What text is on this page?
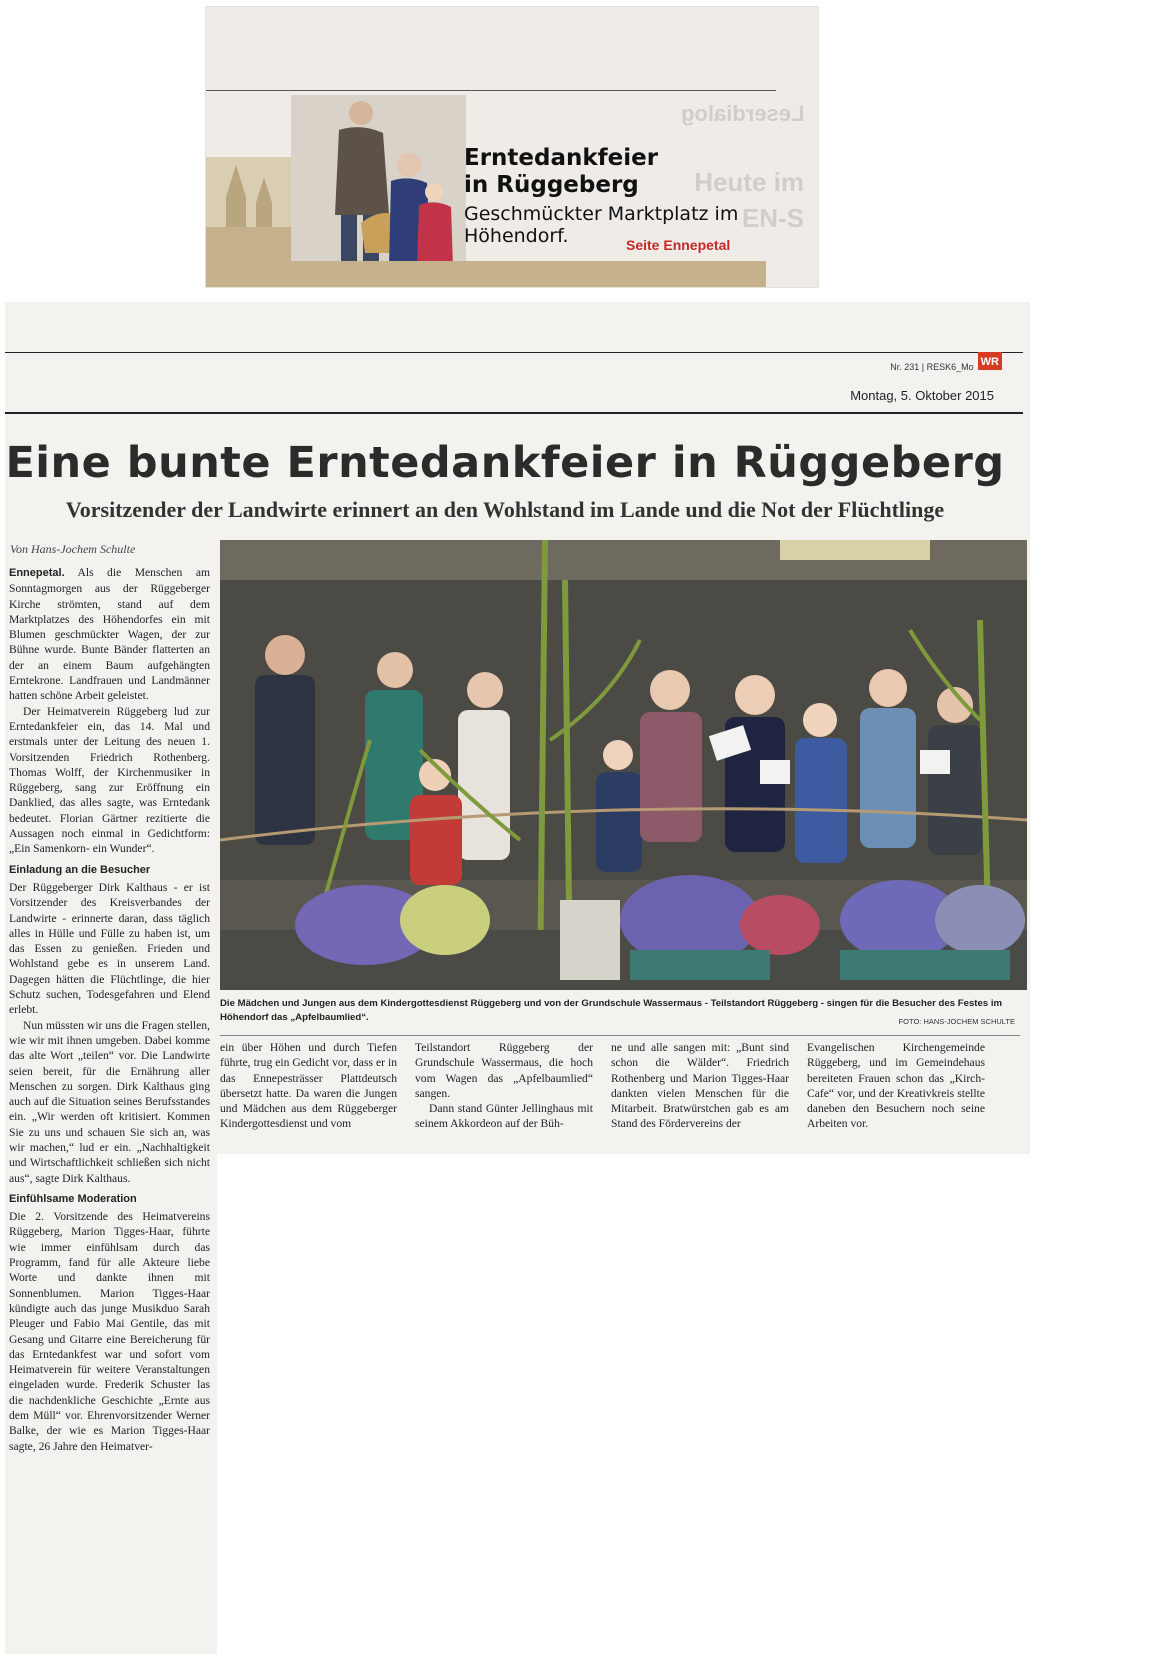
Leserdialog
Heute im
EN-S
Erntedankfeier
in Rüggeberg

Geschmückter Marktplatz im Höhendorf.	Seite Ennepetal
Nr. 231 | RESK6_Mo WR
Montag, 5. Oktober 2015
Eine bunte Erntedankfeier in Rüggeberg
Vorsitzender der Landwirte erinnert an den Wohlstand im Lande und die Not der Flüchtlinge
Von Hans-Jochem Schulte

Die Mädchen und Jungen aus dem Kindergottesdienst Rüggeberg und von der Grundschule Wassermaus - Teilstandort Rüggeberg - singen für die Besucher des Festes im Höhendorf das „Apfelbaumlied“.	FOTO: HANS-JOCHEM SCHULTE

ein über Höhen und durch Tiefen führte, trug ein Gedicht vor, dass er in das Ennepesträsser Plattdeutsch übersetzt hatte. Da waren die Jungen und Mädchen aus dem Rüggeberger Kindergottesdienst und vom

Teilstandort Rüggeberg der Grundschule Wassermaus, die hoch vom Wagen das „Apfelbaumlied“ sangen.

Dann stand Günter Jellinghaus mit seinem Akkordeon auf der Büh-

ne und alle sangen mit: „Bunt sind schon die Wälder“. Friedrich Rothenberg und Marion Tigges-Haar dankten vielen Menschen für die Mitarbeit. Bratwürstchen gab es am Stand des Fördervereins der

Evangelischen Kirchengemeinde Rüggeberg, und im Gemeindehaus bereiteten Frauen schon das „Kirch-Cafe“ vor, und der Kreativkreis stellte daneben den Besuchern noch seine Arbeiten vor.

Ennepetal. Als die Menschen am Sonntagmorgen aus der Rüggeberger Kirche strömten, stand auf dem Marktplatzes des Höhendorfes ein mit Blumen geschmückter Wagen, der zur Bühne wurde. Bunte Bänder flatterten an der an einem Baum aufgehängten Erntekrone. Landfrauen und Landmänner hatten schöne Arbeit geleistet.

Der Heimatverein Rüggeberg lud zur Erntedankfeier ein, das 14. Mal und erstmals unter der Leitung des neuen 1. Vorsitzenden Friedrich Rothenberg. Thomas Wolff, der Kirchenmusiker in Rüggeberg, sang zur Eröffnung ein Danklied, das alles sagte, was Erntedank bedeutet. Florian Gärtner rezitierte die Aussagen noch einmal in Gedichtform: „Ein Samenkorn- ein Wunder“.

Einladung an die Besucher

Der Rüggeberger Dirk Kalthaus - er ist Vorsitzender des Kreisverbandes der Landwirte - erinnerte daran, dass täglich alles in Hülle und Fülle zu haben ist, um das Essen zu genießen. Frieden und Wohlstand gebe es in unserem Land. Dagegen hätten die Flüchtlinge, die hier Schutz suchen, Todesgefahren und Elend erlebt.

Nun müssten wir uns die Fragen stellen, wie wir mit ihnen umgeben. Dabei komme das alte Wort „teilen“ vor. Die Landwirte seien bereit, für die Ernährung aller Menschen zu sorgen. Dirk Kalthaus ging auch auf die Situation seines Berufsstandes ein. „Wir werden oft kritisiert. Kommen Sie zu uns und schauen Sie sich an, was wir machen,“ lud er ein. „Nachhaltigkeit und Wirtschaftlichkeit schließen sich nicht aus“, sagte Dirk Kalthaus.

Einfühlsame Moderation

Die 2. Vorsitzende des Heimatvereins Rüggeberg, Marion Tigges-Haar, führte wie immer einfühlsam durch das Programm, fand für alle Akteure liebe Worte und dankte ihnen mit Sonnenblumen. Marion Tigges-Haar kündigte auch das junge Musikduo Sarah Pleuger und Fabio Mai Gentile, das mit Gesang und Gitarre eine Bereicherung für das Erntedankfest war und sofort vom Heimatverein für weitere Veranstaltungen eingeladen wurde. Frederik Schuster las die nachdenkliche Geschichte „Ernte aus dem Müll“ vor. Ehrenvorsitzender Werner Balke, der wie es Marion Tigges-Haar sagte, 26 Jahre den Heimatver-
